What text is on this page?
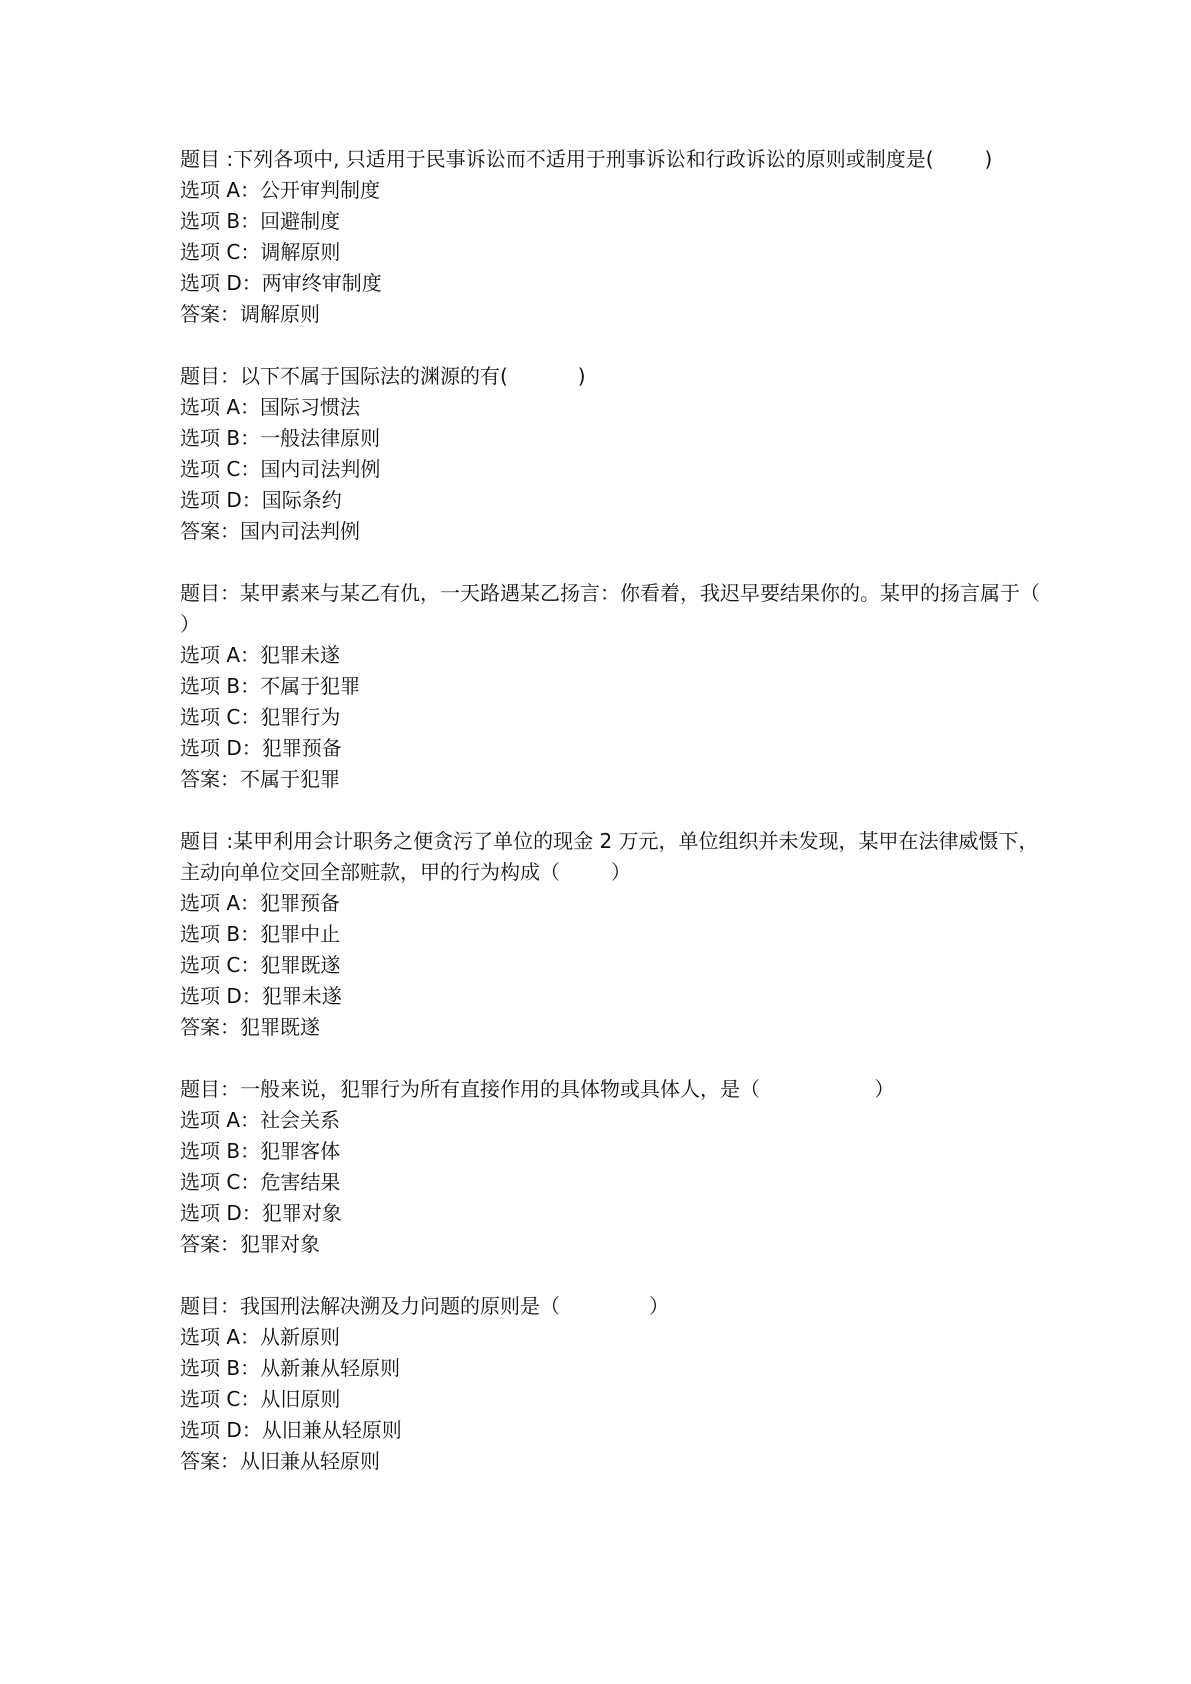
题目 :下列各项中, 只适用于民事诉讼而不适用于刑事诉讼和行政诉讼的原则或制度是(        )
选项 A：公开审判制度
选项 B：回避制度
选项 C：调解原则
选项 D：两审终审制度
答案：调解原则
题目：以下不属于国际法的渊源的有(           )
选项 A：国际习惯法
选项 B：一般法律原则
选项 C：国内司法判例
选项 D：国际条约
答案：国内司法判例
题目：某甲素来与某乙有仇，一天路遇某乙扬言：你看着，我迟早要结果你的。某甲的扬言属于（        ）
选项 A：犯罪未遂
选项 B：不属于犯罪
选项 C：犯罪行为
选项 D：犯罪预备
答案：不属于犯罪
题目 :某甲利用会计职务之便贪污了单位的现金 2 万元，单位组织并未发现，某甲在法律威慑下，主动向单位交回全部赃款，甲的行为构成（        ）
选项 A：犯罪预备
选项 B：犯罪中止
选项 C：犯罪既遂
选项 D：犯罪未遂
答案：犯罪既遂
题目：一般来说，犯罪行为所有直接作用的具体物或具体人，是（                  ）
选项 A：社会关系
选项 B：犯罪客体
选项 C：危害结果
选项 D：犯罪对象
答案：犯罪对象
题目：我国刑法解决溯及力问题的原则是（              ）
选项 A：从新原则
选项 B：从新兼从轻原则
选项 C：从旧原则
选项 D：从旧兼从轻原则
答案：从旧兼从轻原则
